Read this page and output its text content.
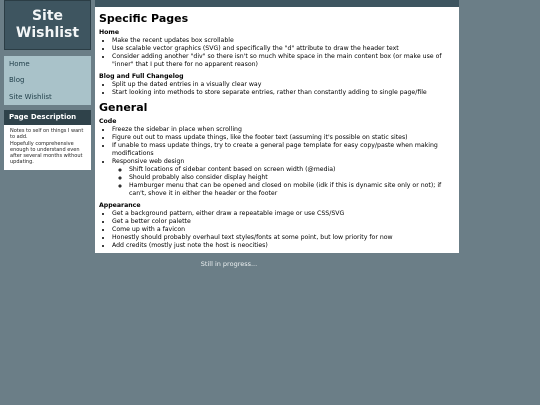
Site
Wishlist
Home
Blog
Site Wishlist
Page Description

Notes to self on things I want to add.

Hopefully comprehensive enough to understand even after several months without updating.

Specific Pages
Home
• Make the recent updates box scrollable
• Use scalable vector graphics (SVG) and specifically the "d" attribute to draw the header text
• Consider adding another "div" so there isn't so much white space in the main content box (or make use of "inner" that I put there for no apparent reason)
Blog and Full Changelog
• Split up the dated entries in a visually clear way
• Start looking into methods to store separate entries, rather than constantly adding to single page/file
General
Code
• Freeze the sidebar in place when scrolling
• Figure out out to mass update things, like the footer text (assuming it's possible on static sites)
• If unable to mass update things, try to create a general page template for easy copy/paste when making modifications
• Responsive web design
◦ Shift locations of sidebar content based on screen width (@media)
◦ Should probably also consider display height
◦ Hamburger menu that can be opened and closed on mobile (idk if this is dynamic site only or not); if can't, shove it in either the header or the footer
Appearance
• Get a background pattern, either draw a repeatable image or use CSS/SVG
• Get a better color palette
• Come up with a favicon
• Honestly should probably overhaul text styles/fonts at some point, but low priority for now
• Add credits (mostly just note the host is neocities)
Still in progress...
